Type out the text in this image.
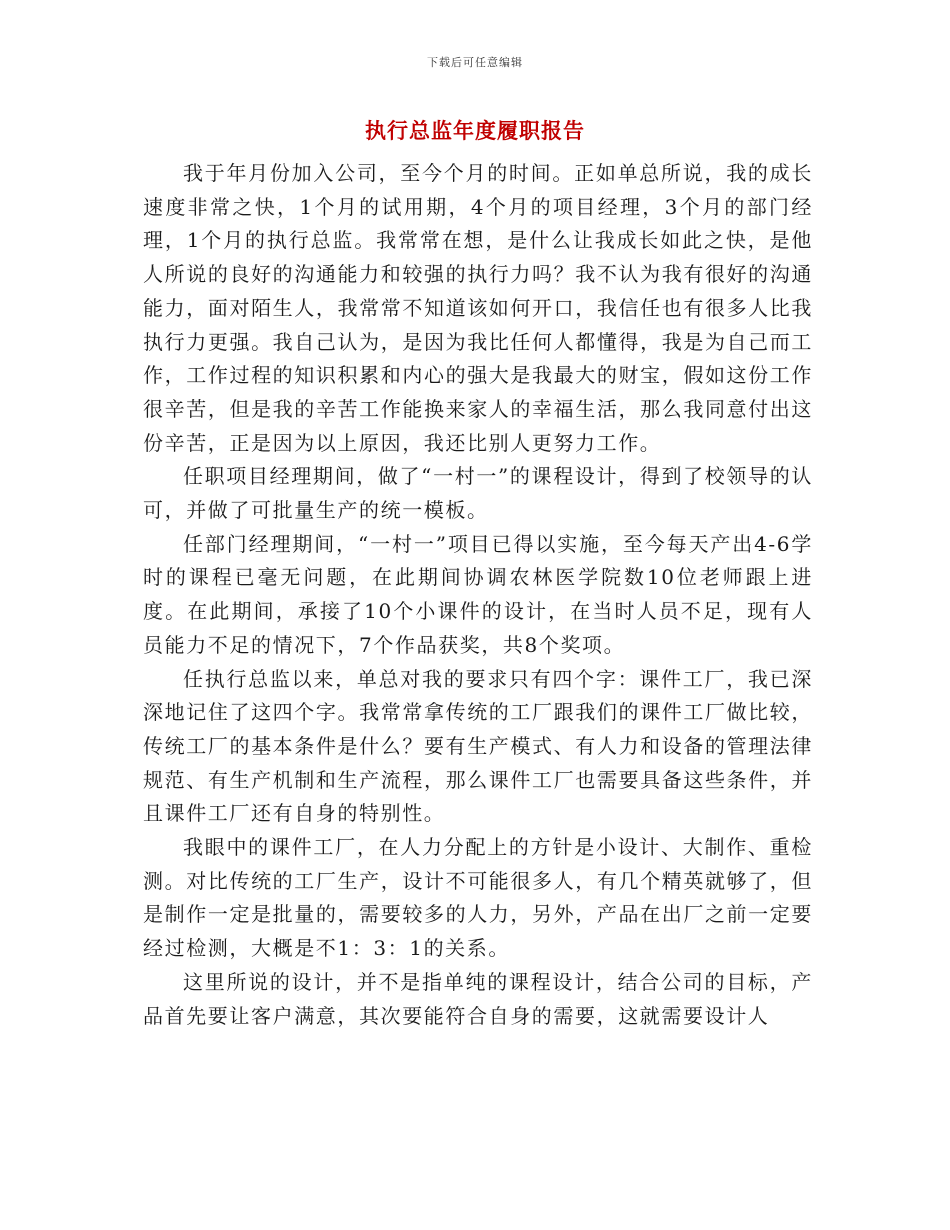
下载后可任意编辑
执行总监年度履职报告

我于年月份加入公司，至今个月的时间。正如单总所说，我的成长速度非常之快，1个月的试用期，4个月的项目经理，3个月的部门经理，1个月的执行总监。我常常在想，是什么让我成长如此之快，是他人所说的良好的沟通能力和较强的执行力吗？我不认为我有很好的沟通能力，面对陌生人，我常常不知道该如何开口，我信任也有很多人比我执行力更强。我自己认为，是因为我比任何人都懂得，我是为自己而工作，工作过程的知识积累和内心的强大是我最大的财宝，假如这份工作很辛苦，但是我的辛苦工作能换来家人的幸福生活，那么我同意付出这份辛苦，正是因为以上原因，我还比别人更努力工作。

任职项目经理期间，做了“一村一”的课程设计，得到了校领导的认可，并做了可批量生产的统一模板。

任部门经理期间，“一村一”项目已得以实施，至今每天产出4-6学时的课程已毫无问题，在此期间协调农林医学院数10位老师跟上进度。在此期间，承接了10个小课件的设计，在当时人员不足，现有人员能力不足的情况下，7个作品获奖，共8个奖项。

任执行总监以来，单总对我的要求只有四个字：课件工厂，我已深深地记住了这四个字。我常常拿传统的工厂跟我们的课件工厂做比较，传统工厂的基本条件是什么？要有生产模式、有人力和设备的管理法律规范、有生产机制和生产流程，那么课件工厂也需要具备这些条件，并且课件工厂还有自身的特别性。

我眼中的课件工厂，在人力分配上的方针是小设计、大制作、重检测。对比传统的工厂生产，设计不可能很多人，有几个精英就够了，但是制作一定是批量的，需要较多的人力，另外，产品在出厂之前一定要经过检测，大概是不1：3：1的关系。

这里所说的设计，并不是指单纯的课程设计，结合公司的目标，产品首先要让客户满意，其次要能符合自身的需要，这就需要设计人
